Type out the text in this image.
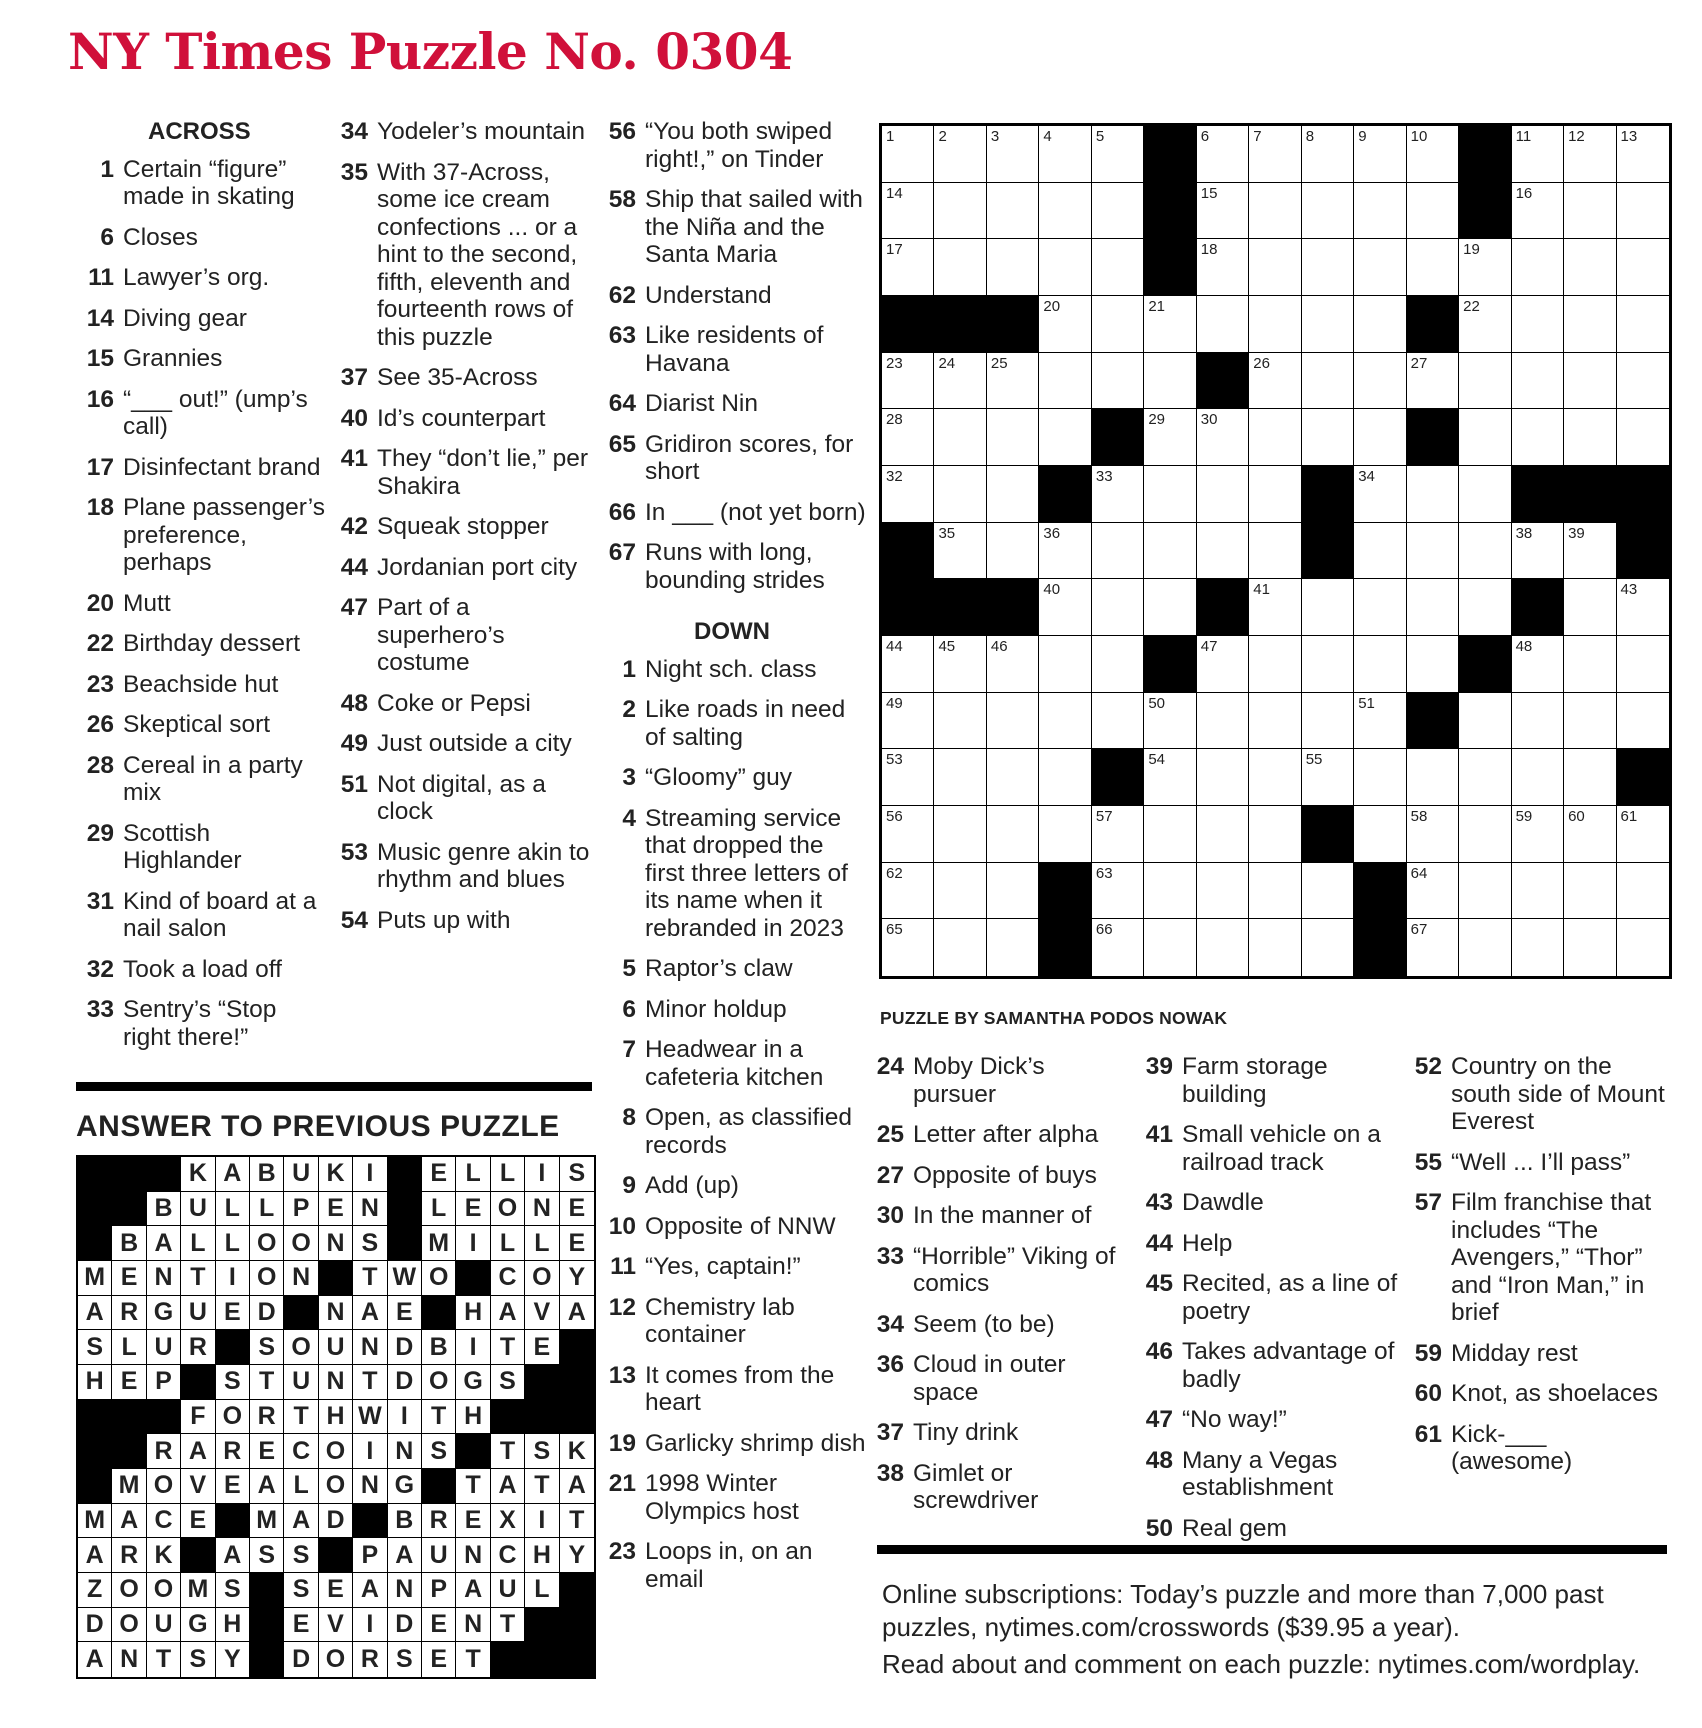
NY Times Puzzle No. 0304
ACROSS
1 Certain “figure” made in skating
6 Closes
11 Lawyer’s org.
14 Diving gear
15 Grannies
16 “___ out!” (ump’s call)
17 Disinfectant brand
18 Plane passenger’s preference, perhaps
20 Mutt
22 Birthday dessert
23 Beachside hut
26 Skeptical sort
28 Cereal in a party mix
29 Scottish Highlander
31 Kind of board at a nail salon
32 Took a load off
33 Sentry’s “Stop right there!”
34 Yodeler’s mountain
35 With 37-Across, some ice cream confections ... or a hint to the second, fifth, eleventh and fourteenth rows of this puzzle
37 See 35-Across
40 Id’s counterpart
41 They “don’t lie,” per Shakira
42 Squeak stopper
44 Jordanian port city
47 Part of a superhero’s costume
48 Coke or Pepsi
49 Just outside a city
51 Not digital, as a clock
53 Music genre akin to rhythm and blues
54 Puts up with
56 “You both swiped right!,” on Tinder
58 Ship that sailed with the Niña and the Santa Maria
62 Understand
63 Like residents of Havana
64 Diarist Nin
65 Gridiron scores, for short
66 In ___ (not yet born)
67 Runs with long, bounding strides
DOWN
1 Night sch. class
2 Like roads in need of salting
3 “Gloomy” guy
4 Streaming service that dropped the first three letters of its name when it rebranded in 2023
5 Raptor’s claw
6 Minor holdup
7 Headwear in a cafeteria kitchen
8 Open, as classified records
9 Add (up)
10 Opposite of NNW
11 “Yes, captain!”
12 Chemistry lab container
13 It comes from the heart
19 Garlicky shrimp dish
21 1998 Winter Olympics host
23 Loops in, on an email
24 Moby Dick’s pursuer
25 Letter after alpha
27 Opposite of buys
30 In the manner of
33 “Horrible” Viking of comics
34 Seem (to be)
36 Cloud in outer space
37 Tiny drink
38 Gimlet or screwdriver
39 Farm storage building
41 Small vehicle on a railroad track
43 Dawdle
44 Help
45 Recited, as a line of poetry
46 Takes advantage of badly
47 “No way!”
48 Many a Vegas establishment
50 Real gem
52 Country on the south side of Mount Everest
55 “Well ... I’ll pass”
57 Film franchise that includes “The Avengers,” “Thor” and “Iron Man,” in brief
59 Midday rest
60 Knot, as shoelaces
61 Kick-___ (awesome)
1	2	3	4	5	6	7	8	9	10	11 12 13
14	15	16
17	18	19
20	21	22
23 24 25	26	27
28	29 30
32	33	34
35	36	38 39
40	41	43
44 45 46	47	48
49	50	51
53	54	55
56	57	58	59 60 61
62	63	64
65	66	67
PUZZLE BY SAMANTHA PODOS NOWAK
ANSWER TO PREVIOUS PUZZLE
K A B U K I	E L L I S
B U L L P E N	L E O N E
B A L L O O N S	M I L L E
M E N T I O N	T W O	C O Y
A R G U E D	N A E	H A V A
S L U R	S O U N D B I T E
H E P	S T U N T D O G S
F O R T H W I T H
R A R E C O I N S	T S K
M O V E A L O N G	T A T A
M A C E	M A D	B R E X I T
A R K	A S S	P A U N C H Y
Z O O M S	S E A N P A U L
D O U G H	E V I D E N T
A N T S Y	D O R S E T

Online subscriptions: Today’s puzzle and more than 7,000 past puzzles, nytimes.com/crosswords ($39.95 a year).

Read about and comment on each puzzle: nytimes.com/wordplay.
